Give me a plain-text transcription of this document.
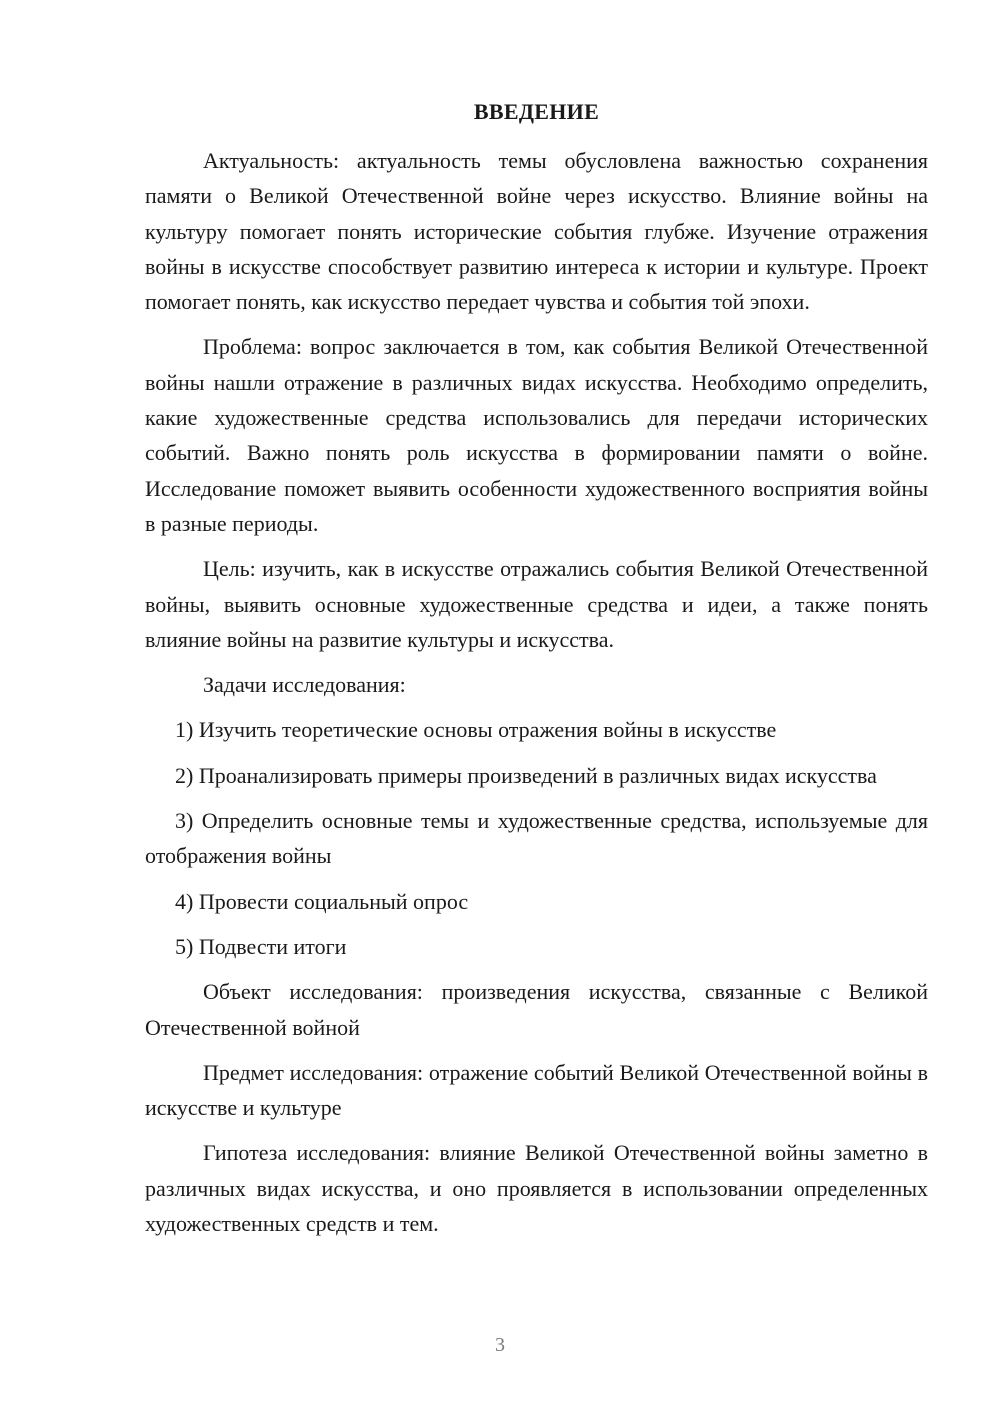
ВВЕДЕНИЕ

Актуальность: актуальность темы обусловлена важностью сохранения памяти о Великой Отечественной войне через искусство. Влияние войны на культуру помогает понять исторические события глубже. Изучение отражения войны в искусстве способствует развитию интереса к истории и культуре. Проект помогает понять, как искусство передает чувства и события той эпохи.

Проблема: вопрос заключается в том, как события Великой Отечественной войны нашли отражение в различных видах искусства. Необходимо определить, какие художественные средства использовались для передачи исторических событий. Важно понять роль искусства в формировании памяти о войне. Исследование поможет выявить особенности художественного восприятия войны в разные периоды.

Цель: изучить, как в искусстве отражались события Великой Отечественной войны, выявить основные художественные средства и идеи, а также понять влияние войны на развитие культуры и искусства.

Задачи исследования:

1) Изучить теоретические основы отражения войны в искусстве

2) Проанализировать примеры произведений в различных видах искусства

3) Определить основные темы и художественные средства, используемые для отображения войны

4) Провести социальный опрос

5) Подвести итоги

Объект исследования: произведения искусства, связанные с Великой Отечественной войной

Предмет исследования: отражение событий Великой Отечественной войны в искусстве и культуре

Гипотеза исследования: влияние Великой Отечественной войны заметно в различных видах искусства, и оно проявляется в использовании определенных художественных средств и тем.

3
